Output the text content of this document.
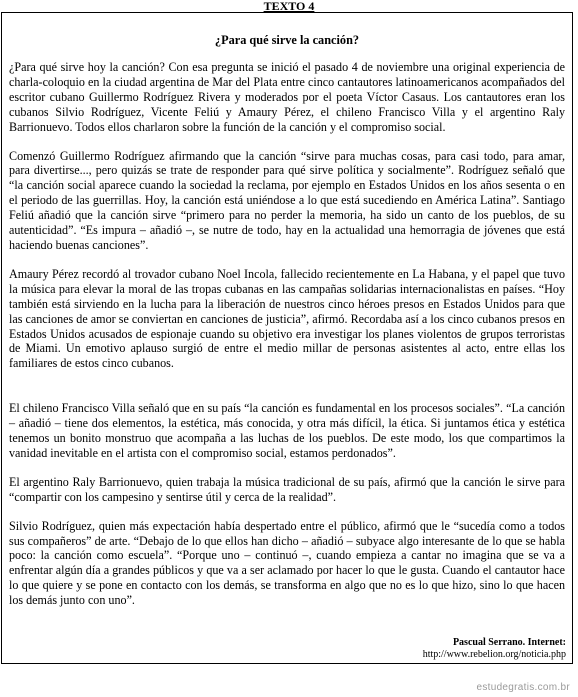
TEXTO 4
¿Para qué sirve la canción?

¿Para qué sirve hoy la canción? Con esa pregunta se inició el pasado 4 de noviembre una original experiencia de charla-coloquio en la ciudad argentina de Mar del Plata entre cinco cantautores latinoamericanos acompañados del escritor cubano Guillermo Rodríguez Rivera y moderados por el poeta Víctor Casaus. Los cantautores eran los cubanos Silvio Rodríguez, Vicente Feliú y Amaury Pérez, el chileno Francisco Villa y el argentino Raly Barrionuevo. Todos ellos charlaron sobre la función de la canción y el compromiso social.

Comenzó Guillermo Rodríguez afirmando que la canción “sirve para muchas cosas, para casi todo, para amar, para divertirse..., pero quizás se trate de responder para qué sirve política y socialmente”. Rodríguez señaló que “la canción social aparece cuando la sociedad la reclama, por ejemplo en Estados Unidos en los años sesenta o en el periodo de las guerrillas. Hoy, la canción está uniéndose a lo que está sucediendo en América Latina”. Santiago Feliú añadió que la canción sirve “primero para no perder la memoria, ha sido un canto de los pueblos, de su autenticidad”. “Es impura – añadió –, se nutre de todo, hay en la actualidad una hemorragia de jóvenes que está haciendo buenas canciones”.

Amaury Pérez recordó al trovador cubano Noel Incola, fallecido recientemente en La Habana, y el papel que tuvo la música para elevar la moral de las tropas cubanas en las campañas solidarias internacionalistas en países. “Hoy también está sirviendo en la lucha para la liberación de nuestros cinco héroes presos en Estados Unidos para que las canciones de amor se conviertan en canciones de justicia”, afirmó. Recordaba así a los cinco cubanos presos en Estados Unidos acusados de espionaje cuando su objetivo era investigar los planes violentos de grupos terroristas de Miami. Un emotivo aplauso surgió de entre el medio millar de personas asistentes al acto, entre ellas los familiares de estos cinco cubanos.

El chileno Francisco Villa señaló que en su país “la canción es fundamental en los procesos sociales”. “La canción – añadió – tiene dos elementos, la estética, más conocida, y otra más difícil, la ética. Si juntamos ética y estética tenemos un bonito monstruo que acompaña a las luchas de los pueblos. De este modo, los que compartimos la vanidad inevitable en el artista con el compromiso social, estamos perdonados”.

El argentino Raly Barrionuevo, quien trabaja la música tradicional de su país, afirmó que la canción le sirve para “compartir con los campesino y sentirse útil y cerca de la realidad”.

Silvio Rodríguez, quien más expectación había despertado entre el público, afirmó que le “sucedía como a todos sus compañeros” de arte. “Debajo de lo que ellos han dicho – añadió – subyace algo interesante de lo que se habla poco: la canción como escuela”. “Porque uno – continuó –, cuando empieza a cantar no imagina que se va a enfrentar algún día a grandes públicos y que va a ser aclamado por hacer lo que le gusta. Cuando el cantautor hace lo que quiere y se pone en contacto con los demás, se transforma en algo que no es lo que hizo, sino lo que hacen los demás junto con uno”.

Pascual Serrano. Internet:
http://www.rebelion.org/noticia.php
estudegratis.com.br
